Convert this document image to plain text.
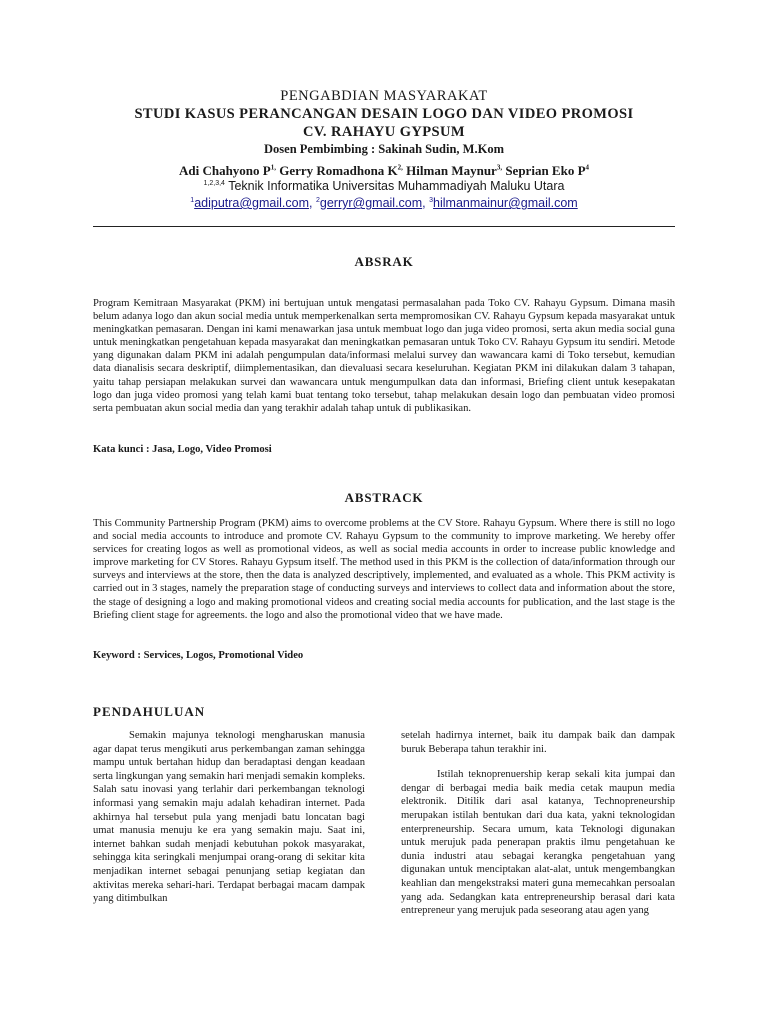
PENGABDIAN MASYARAKAT
STUDI KASUS PERANCANGAN DESAIN LOGO DAN VIDEO PROMOSI
CV. RAHAYU GYPSUM
Dosen Pembimbing : Sakinah Sudin, M.Kom
Adi Chahyono $P^{1,}$ Gerry Romadhona $K^{2,}$ Hilman Maynur$^{3,}$ Seprian Eko $P^4$
$^{1,2,3,4}$ Teknik Informatika Universitas Muhammadiyah Maluku Utara
$^1$adiputra@gmail.com, $^2$gerryr@gmail.com, $^3$hilmanmainur@gmail.com
ABSRAK
Program Kemitraan Masyarakat (PKM) ini bertujuan untuk mengatasi permasalahan pada Toko CV. Rahayu Gypsum. Dimana masih belum adanya logo dan akun social media untuk memperkenalkan serta mempromosikan CV. Rahayu Gypsum kepada masyarakat untuk meningkatkan pemasaran. Dengan ini kami menawarkan jasa untuk membuat logo dan juga video promosi, serta akun media social guna untuk meningkatkan pengetahuan kepada masyarakat dan meningkatkan pemasaran untuk Toko CV. Rahayu Gypsum itu sendiri. Metode yang digunakan dalam PKM ini adalah pengumpulan data/informasi melalui survey dan wawancara kami di Toko tersebut, kemudian data dianalisis secara deskriptif, diimplementasikan, dan dievaluasi secara keseluruhan. Kegiatan PKM ini dilakukan dalam 3 tahapan, yaitu tahap persiapan melakukan survei dan wawancara untuk mengumpulkan data dan informasi, Briefing client untuk kesepakatan logo dan juga video promosi yang telah kami buat tentang toko tersebut, tahap melakukan desain logo dan pembuatan video promosi serta pembuatan akun social media dan yang terakhir adalah tahap untuk di publikasikan.
Kata kunci : Jasa, Logo, Video Promosi
ABSTRACK
This Community Partnership Program (PKM) aims to overcome problems at the CV Store. Rahayu Gypsum. Where there is still no logo and social media accounts to introduce and promote CV. Rahayu Gypsum to the community to improve marketing. We hereby offer services for creating logos as well as promotional videos, as well as social media accounts in order to increase public knowledge and improve marketing for CV Stores. Rahayu Gypsum itself. The method used in this PKM is the collection of data/information through our surveys and interviews at the store, then the data is analyzed descriptively, implemented, and evaluated as a whole. This PKM activity is carried out in 3 stages, namely the preparation stage of conducting surveys and interviews to collect data and information about the store, the stage of designing a logo and making promotional videos and creating social media accounts for publication, and the last stage is the Briefing client stage for agreements. the logo and also the promotional video that we have made.
Keyword : Services, Logos, Promotional Video
PENDAHULUAN

Semakin majunya teknologi mengharuskan manusia agar dapat terus mengikuti arus perkembangan zaman sehingga mampu untuk bertahan hidup dan beradaptasi dengan keadaan serta lingkungan yang semakin hari menjadi semakin kompleks. Salah satu inovasi yang terlahir dari perkembangan teknologi informasi yang semakin maju adalah kehadiran internet. Pada akhirnya hal tersebut pula yang menjadi batu loncatan bagi umat manusia menuju ke era yang semakin maju. Saat ini, internet bahkan sudah menjadi kebutuhan pokok masyarakat, sehingga kita seringkali menjumpai orang-orang di sekitar kita menjadikan internet sebagai penunjang setiap kegiatan dan aktivitas mereka sehari-hari. Terdapat berbagai macam dampak yang ditimbulkan

setelah hadirnya internet, baik itu dampak baik dan dampak buruk Beberapa tahun terakhir ini.

Istilah teknoprenuership kerap sekali kita jumpai dan dengar di berbagai media baik media cetak maupun media elektronik. Ditilik dari asal katanya, Technopreneurship merupakan istilah bentukan dari dua kata, yakni teknologidan enterpreneurship. Secara umum, kata Teknologi digunakan untuk merujuk pada penerapan praktis ilmu pengetahuan ke dunia industri atau sebagai kerangka pengetahuan yang digunakan untuk menciptakan alat-alat, untuk mengembangkan keahlian dan mengekstraksi materi guna memecahkan persoalan yang ada. Sedangkan kata entrepreneurship berasal dari kata entrepreneur yang merujuk pada seseorang atau agen yang
